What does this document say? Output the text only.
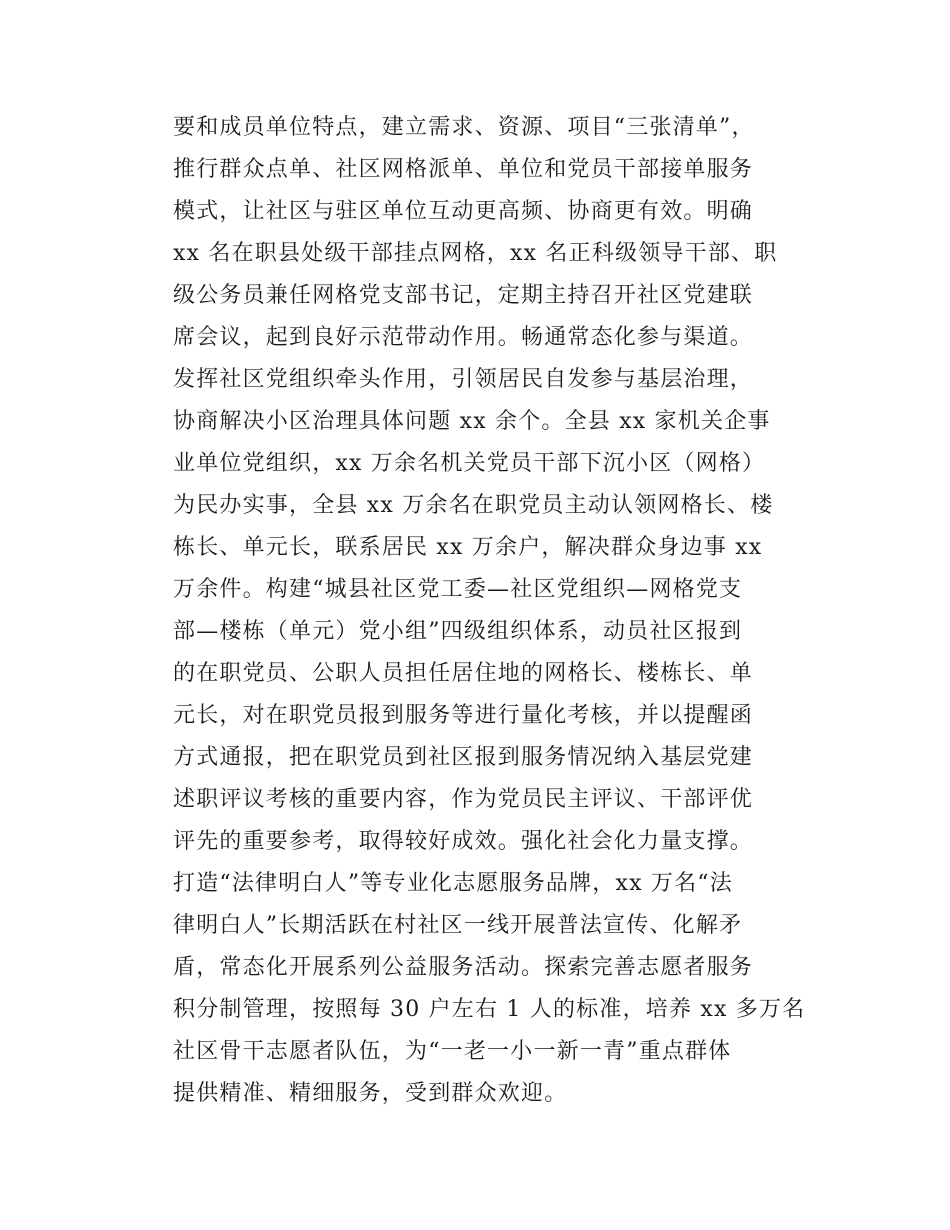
要和成员单位特点，建立需求、资源、项目“三张清单”，
推行群众点单、社区网格派单、单位和党员干部接单服务
模式，让社区与驻区单位互动更高频、协商更有效。明确
xx 名在职县处级干部挂点网格，xx 名正科级领导干部、职
级公务员兼任网格党支部书记，定期主持召开社区党建联
席会议，起到良好示范带动作用。畅通常态化参与渠道。
发挥社区党组织牵头作用，引领居民自发参与基层治理，
协商解决小区治理具体问题 xx 余个。全县 xx 家机关企事
业单位党组织，xx 万余名机关党员干部下沉小区（网格）
为民办实事，全县 xx 万余名在职党员主动认领网格长、楼
栋长、单元长，联系居民 xx 万余户，解决群众身边事 xx
万余件。构建“城县社区党工委—社区党组织—网格党支
部—楼栋（单元）党小组”四级组织体系，动员社区报到
的在职党员、公职人员担任居住地的网格长、楼栋长、单
元长，对在职党员报到服务等进行量化考核，并以提醒函
方式通报，把在职党员到社区报到服务情况纳入基层党建
述职评议考核的重要内容，作为党员民主评议、干部评优
评先的重要参考，取得较好成效。强化社会化力量支撑。
打造“法律明白人”等专业化志愿服务品牌，xx 万名“法
律明白人”长期活跃在村社区一线开展普法宣传、化解矛
盾，常态化开展系列公益服务活动。探索完善志愿者服务
积分制管理，按照每 30 户左右 1 人的标准，培养 xx 多万名
社区骨干志愿者队伍，为“一老一小一新一青”重点群体
提供精准、精细服务，受到群众欢迎。
